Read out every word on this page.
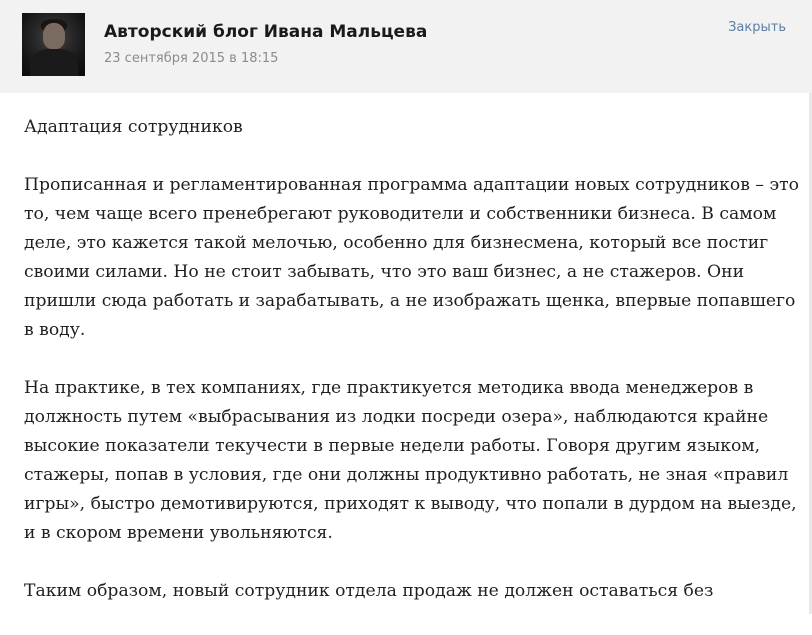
Авторский блог Ивана Мальцева
23 сентября 2015 в 18:15
Закрыть

Адаптация сотрудников

Прописанная и регламентированная программа адаптации новых сотрудников – это то, чем чаще всего пренебрегают руководители и собственники бизнеса. В самом деле, это кажется такой мелочью, особенно для бизнесмена, который все постиг своими силами. Но не стоит забывать, что это ваш бизнес, а не стажеров. Они пришли сюда работать и зарабатывать, а не изображать щенка, впервые попавшего в воду.

На практике, в тех компаниях, где практикуется методика ввода менеджеров в должность путем «выбрасывания из лодки посреди озера», наблюдаются крайне высокие показатели текучести в первые недели работы. Говоря другим языком, стажеры, попав в условия, где они должны продуктивно работать, не зная «правил игры», быстро демотивируются, приходят к выводу, что попали в дурдом на выезде, и в скором времени увольняются.

Таким образом, новый сотрудник отдела продаж не должен оставаться без
